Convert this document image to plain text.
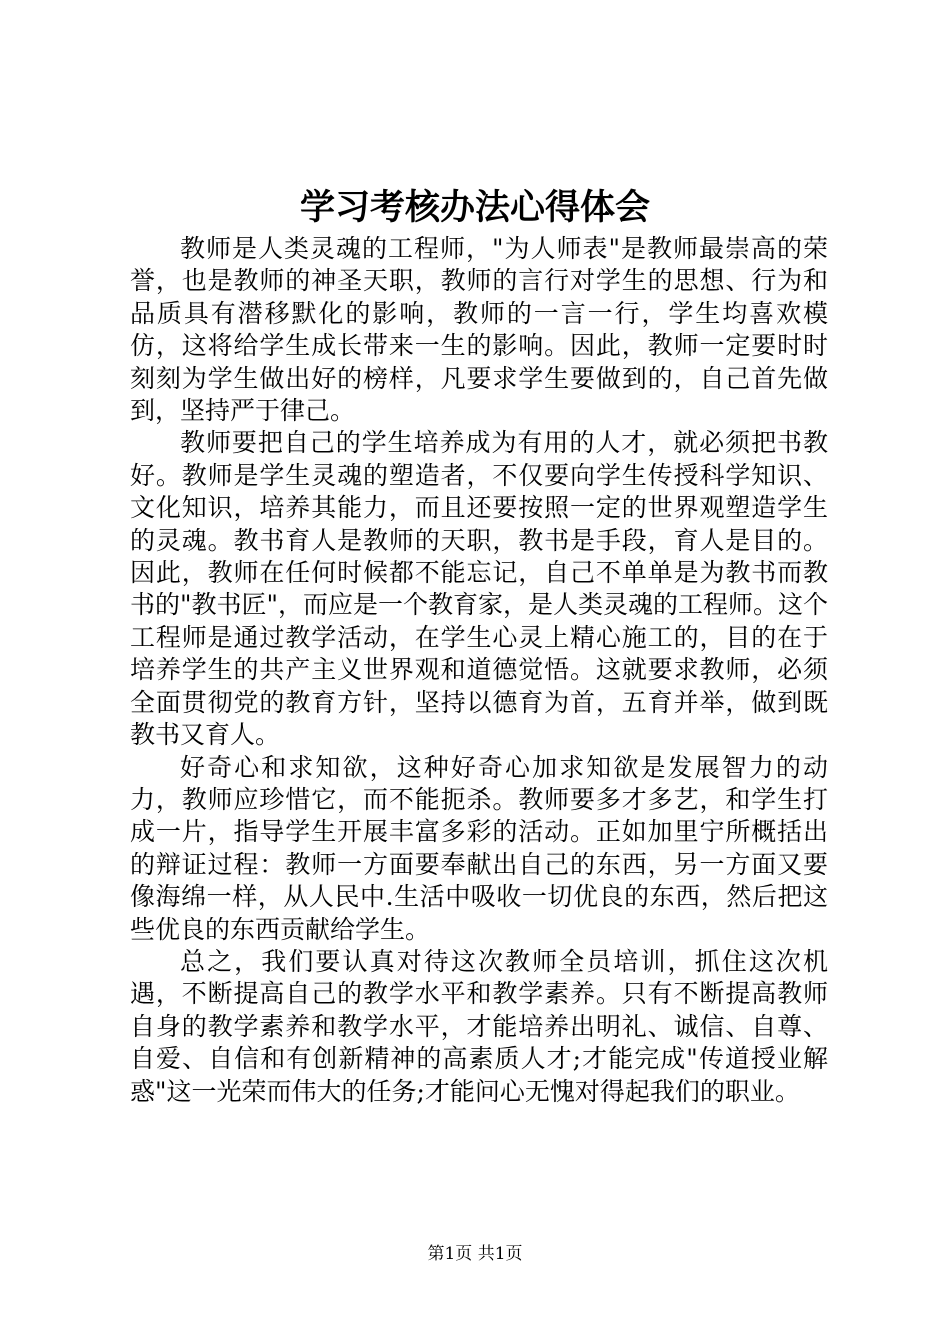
学习考核办法心得体会

教师是人类灵魂的工程师，"为人师表"是教师最崇高的荣誉，也是教师的神圣天职，教师的言行对学生的思想、行为和品质具有潜移默化的影响，教师的一言一行，学生均喜欢模仿，这将给学生成长带来一生的影响。因此，教师一定要时时刻刻为学生做出好的榜样，凡要求学生要做到的，自己首先做到，坚持严于律己。

教师要把自己的学生培养成为有用的人才，就必须把书教好。教师是学生灵魂的塑造者，不仅要向学生传授科学知识、文化知识，培养其能力，而且还要按照一定的世界观塑造学生的灵魂。教书育人是教师的天职，教书是手段，育人是目的。因此，教师在任何时候都不能忘记，自己不单单是为教书而教书的"教书匠"，而应是一个教育家，是人类灵魂的工程师。这个工程师是通过教学活动，在学生心灵上精心施工的，目的在于培养学生的共产主义世界观和道德觉悟。这就要求教师，必须全面贯彻党的教育方针，坚持以德育为首，五育并举，做到既教书又育人。

好奇心和求知欲，这种好奇心加求知欲是发展智力的动力，教师应珍惜它，而不能扼杀。教师要多才多艺，和学生打成一片，指导学生开展丰富多彩的活动。正如加里宁所概括出的辩证过程：教师一方面要奉献出自己的东西，另一方面又要像海绵一样，从人民中.生活中吸收一切优良的东西，然后把这些优良的东西贡献给学生。

总之，我们要认真对待这次教师全员培训，抓住这次机遇，不断提高自己的教学水平和教学素养。只有不断提高教师自身的教学素养和教学水平，才能培养出明礼、诚信、自尊、自爱、自信和有创新精神的高素质人才;才能完成"传道授业解惑"这一光荣而伟大的任务;才能问心无愧对得起我们的职业。

第1页 共1页
